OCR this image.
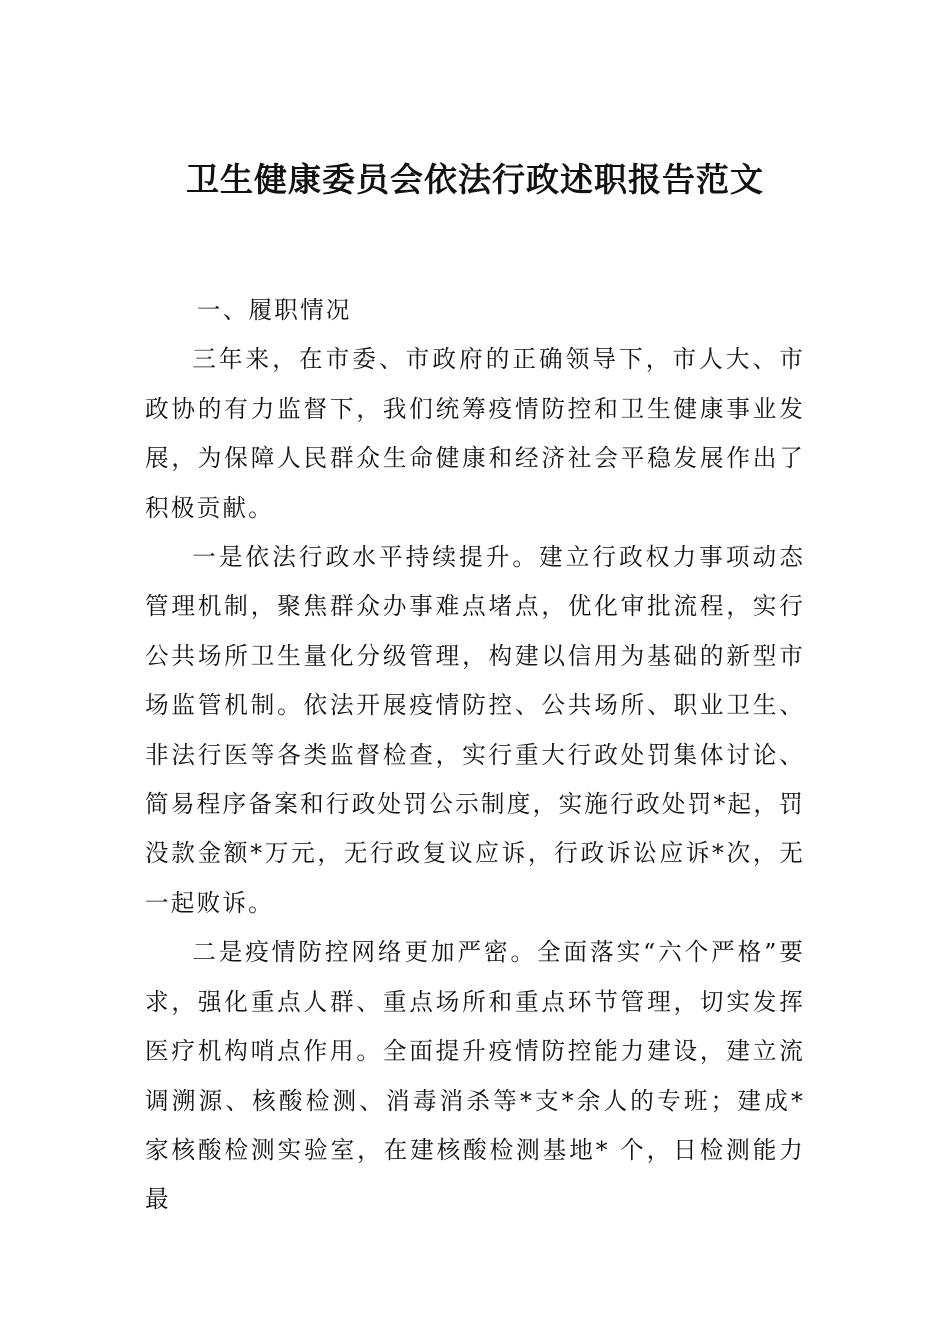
卫生健康委员会依法行政述职报告范文

一、履职情况

三年来，在市委、市政府的正确领导下，市人大、市政协的有力监督下，我们统筹疫情防控和卫生健康事业发展，为保障人民群众生命健康和经济社会平稳发展作出了积极贡献。

一是依法行政水平持续提升。建立行政权力事项动态管理机制，聚焦群众办事难点堵点，优化审批流程，实行公共场所卫生量化分级管理，构建以信用为基础的新型市场监管机制。依法开展疫情防控、公共场所、职业卫生、非法行医等各类监督检查，实行重大行政处罚集体讨论、简易程序备案和行政处罚公示制度，实施行政处罚*起，罚没款金额*万元，无行政复议应诉，行政诉讼应诉*次，无一起败诉。

二是疫情防控网络更加严密。全面落实“六个严格”要求，强化重点人群、重点场所和重点环节管理，切实发挥医疗机构哨点作用。全面提升疫情防控能力建设，建立流调溯源、核酸检测、消毒消杀等*支*余人的专班；建成*家核酸检测实验室，在建核酸检测基地* 个，日检测能力最
